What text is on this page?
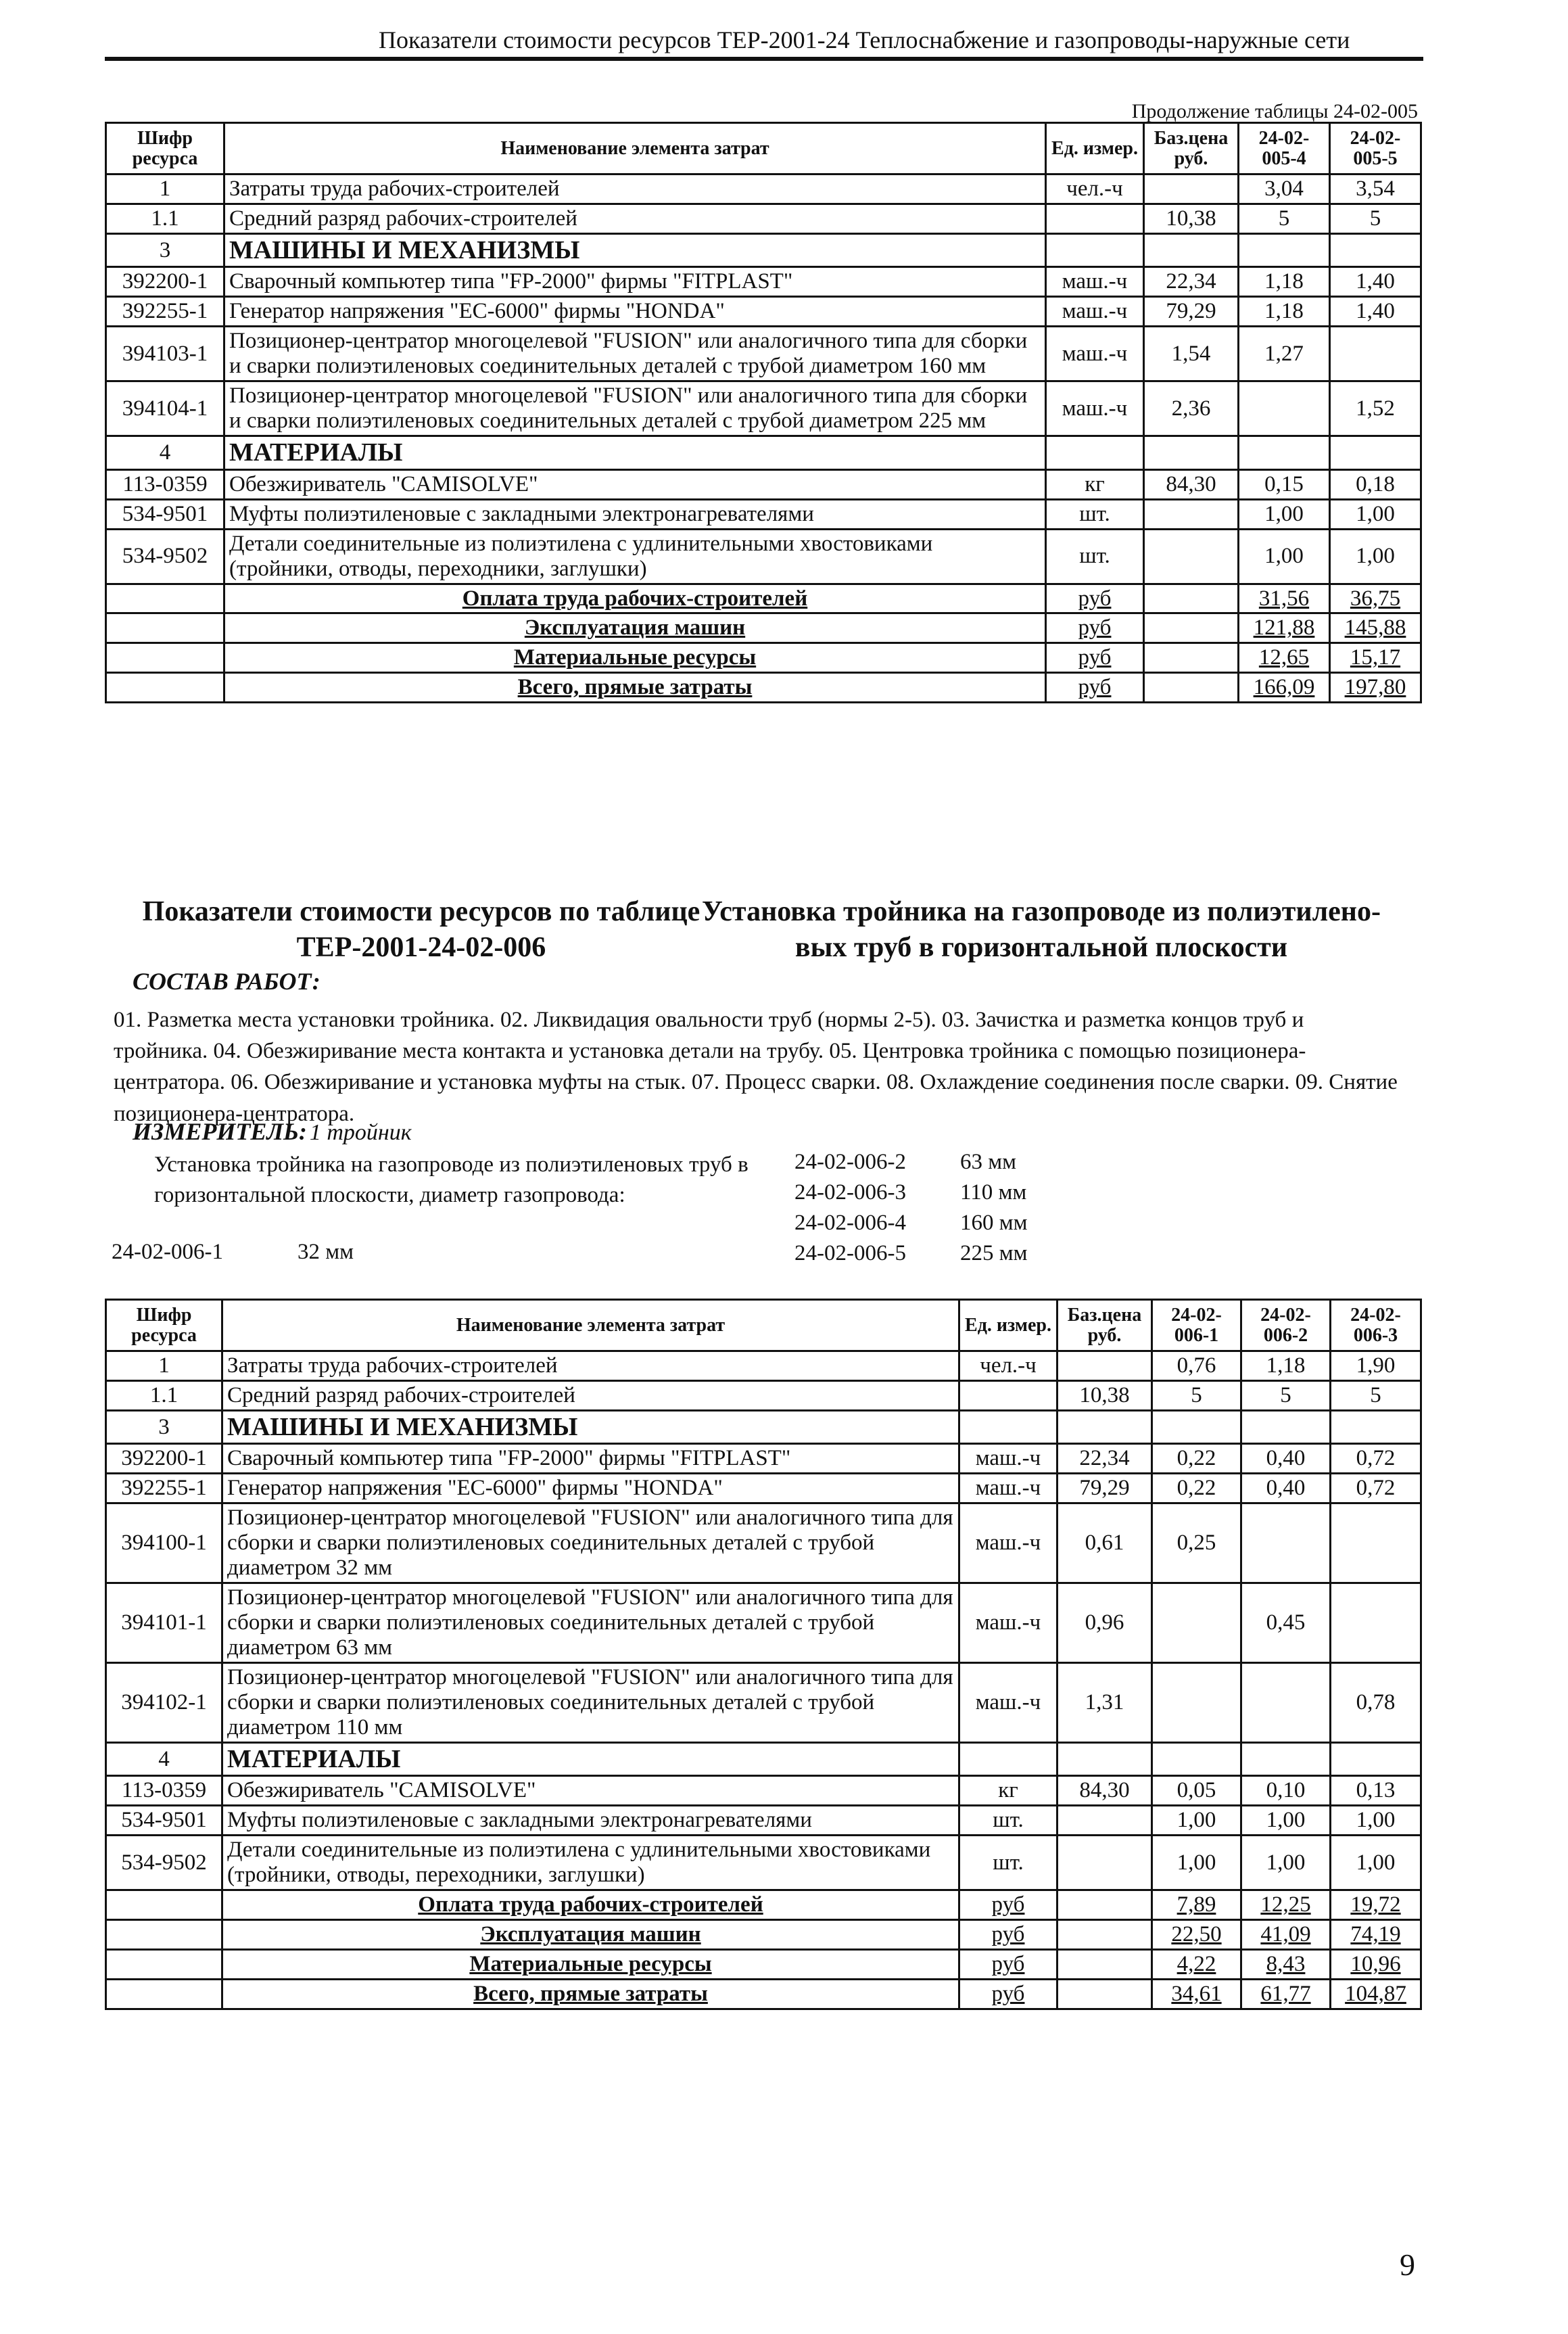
Показатели стоимости ресурсов ТЕР-2001-24 Теплоснабжение и газопроводы-наружные сети
Продолжение таблицы 24-02-005
Шифр ресурса	Наименование элемента затрат	Ед. измер.	Баз.цена руб.	24-02-005-4	24-02-005-5
1	Затраты труда рабочих-строителей	чел.-ч		3,04	3,54
1.1	Средний разряд рабочих-строителей		10,38	5	5
3	МАШИНЫ И МЕХАНИЗМЫ				
392200-1	Сварочный компьютер типа "FP-2000" фирмы "FITPLAST"	маш.-ч	22,34	1,18	1,40
392255-1	Генератор напряжения "ЕС-6000" фирмы "HONDA"	маш.-ч	79,29	1,18	1,40
394103-1	Позиционер-центратор многоцелевой "FUSION" или аналогичного типа для сборки и сварки полиэтиленовых соединительных деталей с трубой диаметром 160 мм	маш.-ч	1,54	1,27	
394104-1	Позиционер-центратор многоцелевой "FUSION" или аналогичного типа для сборки и сварки полиэтиленовых соединительных деталей с трубой диаметром 225 мм	маш.-ч	2,36		1,52
4	МАТЕРИАЛЫ				
113-0359	Обезжириватель "CAMISOLVE"	кг	84,30	0,15	0,18
534-9501	Муфты полиэтиленовые с закладными электронагревателями	шт.		1,00	1,00
534-9502	Детали соединительные из полиэтилена с удлинительными хвостовиками (тройники, отводы, переходники, заглушки)	шт.		1,00	1,00
	Оплата труда рабочих-строителей	руб		31,56	36,75
	Эксплуатация машин	руб		121,88	145,88
	Материальные ресурсы	руб		12,65	15,17
	Всего, прямые затраты	руб		166,09	197,80
Показатели стоимости ресурсов по таблице
ТЕР-2001-24-02-006
Установка тройника на газопроводе из полиэтилено-
вых труб в горизонтальной плоскости
СОСТАВ РАБОТ:
01. Разметка места установки тройника. 02. Ликвидация овальности труб (нормы 2-5). 03. Зачистка и разметка концов труб и тройника. 04. Обезжиривание места контакта и установка детали на трубу. 05. Центровка тройника с помощью позиционера-центратора. 06. Обезжиривание и установка муфты на стык. 07. Процесс сварки. 08. Охлаждение соединения после сварки. 09. Снятие позиционера-центратора.
ИЗМЕРИТЕЛЬ: 1 тройник
Установка тройника на газопроводе из полиэтиленовых труб в горизонтальной плоскости, диаметр газопровода:
24-02-006-1	32 мм
24-02-006-2 63 мм
24-02-006-3 110 мм
24-02-006-4 160 мм
24-02-006-5 225 мм
Шифр ресурса	Наименование элемента затрат	Ед. измер.	Баз.цена руб.	24-02-006-1	24-02-006-2	24-02-006-3
1	Затраты труда рабочих-строителей	чел.-ч		0,76	1,18	1,90
1.1	Средний разряд рабочих-строителей		10,38	5	5	5
3	МАШИНЫ И МЕХАНИЗМЫ					
392200-1	Сварочный компьютер типа "FP-2000" фирмы "FITPLAST"	маш.-ч	22,34	0,22	0,40	0,72
392255-1	Генератор напряжения "ЕС-6000" фирмы "HONDA"	маш.-ч	79,29	0,22	0,40	0,72
394100-1	Позиционер-центратор многоцелевой "FUSION" или аналогичного типа для сборки и сварки полиэтиленовых соединительных деталей с трубой диаметром 32 мм	маш.-ч	0,61	0,25		
394101-1	Позиционер-центратор многоцелевой "FUSION" или аналогичного типа для сборки и сварки полиэтиленовых соединительных деталей с трубой диаметром 63 мм	маш.-ч	0,96		0,45	
394102-1	Позиционер-центратор многоцелевой "FUSION" или аналогичного типа для сборки и сварки полиэтиленовых соединительных деталей с трубой диаметром 110 мм	маш.-ч	1,31			0,78
4	МАТЕРИАЛЫ					
113-0359	Обезжириватель "CAMISOLVE"	кг	84,30	0,05	0,10	0,13
534-9501	Муфты полиэтиленовые с закладными электронагревателями	шт.		1,00	1,00	1,00
534-9502	Детали соединительные из полиэтилена с удлинительными хвостовиками (тройники, отводы, переходники, заглушки)	шт.		1,00	1,00	1,00
	Оплата труда рабочих-строителей	руб		7,89	12,25	19,72
	Эксплуатация машин	руб		22,50	41,09	74,19
	Материальные ресурсы	руб		4,22	8,43	10,96
	Всего, прямые затраты	руб		34,61	61,77	104,87
9
